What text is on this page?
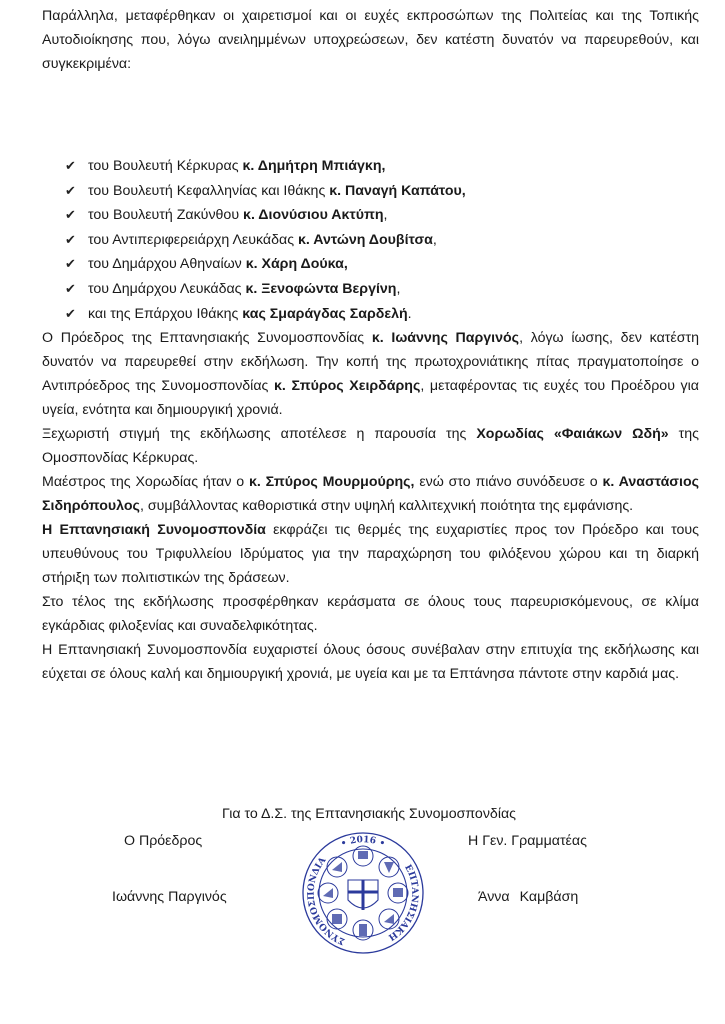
Παράλληλα, μεταφέρθηκαν οι χαιρετισμοί και οι ευχές εκπροσώπων της Πολιτείας και της Τοπικής Αυτοδιοίκησης που, λόγω ανειλημμένων υποχρεώσεων, δεν κατέστη δυνατόν να παρευρεθούν, και συγκεκριμένα:

✔ του Βουλευτή Κέρκυρας κ. Δημήτρη Μπιάγκη,
✔ του Βουλευτή Κεφαλληνίας και Ιθάκης κ. Παναγή Καπάτου,
✔ του Βουλευτή Ζακύνθου κ. Διονύσιου Ακτύπη,
✔ του Αντιπεριφερειάρχη Λευκάδας κ. Αντώνη Δουβίτσα,
✔ του Δημάρχου Αθηναίων κ. Χάρη Δούκα,
✔ του Δημάρχου Λευκάδας κ. Ξενοφώντα Βεργίνη,
✔ και της Επάρχου Ιθάκης κας Σμαράγδας Σαρδελή.

Ο Πρόεδρος της Επτανησιακής Συνομοσπονδίας κ. Ιωάννης Παργινός, λόγω ίωσης, δεν κατέστη δυνατόν να παρευρεθεί στην εκδήλωση. Την κοπή της πρωτοχρονιάτικης πίτας πραγματοποίησε ο Αντιπρόεδρος της Συνομοσπονδίας κ. Σπύρος Χειρδάρης, μεταφέροντας τις ευχές του Προέδρου για υγεία, ενότητα και δημιουργική χρονιά.

Ξεχωριστή στιγμή της εκδήλωσης αποτέλεσε η παρουσία της Χορωδίας «Φαιάκων Ωδή» της Ομοσπονδίας Κέρκυρας.

Μαέστρος της Χορωδίας ήταν ο κ. Σπύρος Μουρμούρης, ενώ στο πιάνο συνόδευσε ο κ. Αναστάσιος Σιδηρόπουλος, συμβάλλοντας καθοριστικά στην υψηλή καλλιτεχνική ποιότητα της εμφάνισης.

Η Επτανησιακή Συνομοσπονδία εκφράζει τις θερμές της ευχαριστίες προς τον Πρόεδρο και τους υπευθύνους του Τριφυλλείου Ιδρύματος για την παραχώρηση του φιλόξενου χώρου και τη διαρκή στήριξη των πολιτιστικών της δράσεων.

Στο τέλος της εκδήλωσης προσφέρθηκαν κεράσματα σε όλους τους παρευρισκόμενους, σε κλίμα εγκάρδιας φιλοξενίας και συναδελφικότητας.

Η Επτανησιακή Συνομοσπονδία ευχαριστεί όλους όσους συνέβαλαν στην επιτυχία της εκδήλωσης και εύχεται σε όλους καλή και δημιουργική χρονιά, με υγεία και με τα Επτάνησα πάντοτε στην καρδιά μας.

Για το Δ.Σ. της Επτανησιακής Συνομοσπονδίας
Ο Πρόεδρος	Η Γεν. Γραμματέας
Ιωάννης Παργινός	Άννα Καμβάση
• 2016 •
ΣΥΝΟΜΟΣΠΟΝΔΙΑ
ΕΠΤΑΝΗΣΙΑΚΗ
